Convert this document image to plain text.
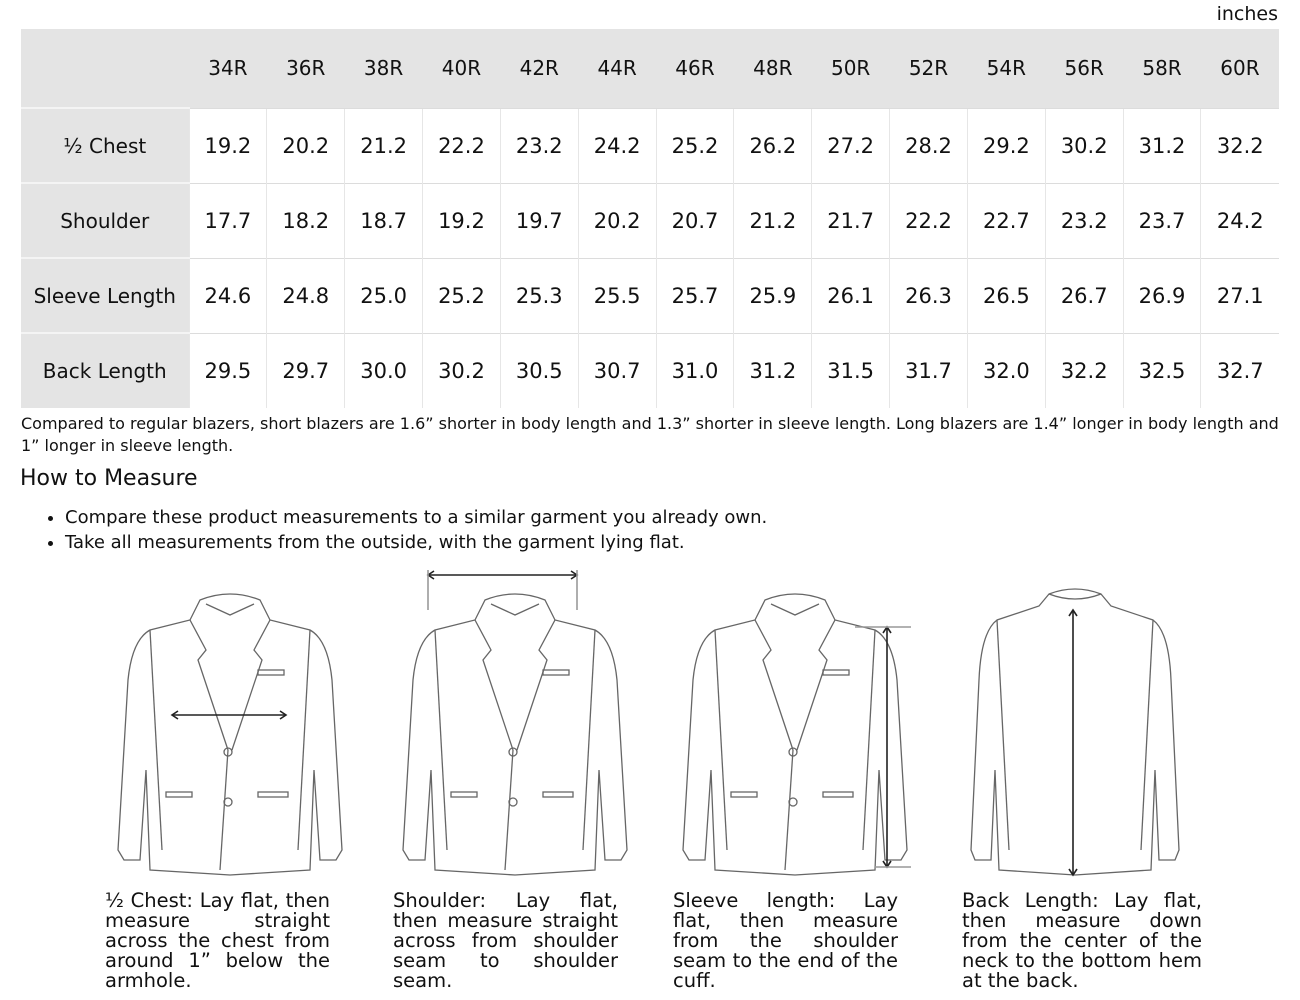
inches
	34R	36R	38R	40R	42R	44R	46R	48R	50R	52R	54R	56R	58R	60R
½ Chest	19.2	20.2	21.2	22.2	23.2	24.2	25.2	26.2	27.2	28.2	29.2	30.2	31.2	32.2
Shoulder	17.7	18.2	18.7	19.2	19.7	20.2	20.7	21.2	21.7	22.2	22.7	23.2	23.7	24.2
Sleeve Length	24.6	24.8	25.0	25.2	25.3	25.5	25.7	25.9	26.1	26.3	26.5	26.7	26.9	27.1
Back Length	29.5	29.7	30.0	30.2	30.5	30.7	31.0	31.2	31.5	31.7	32.0	32.2	32.5	32.7
Compared to regular blazers, short blazers are 1.6” shorter in body length and 1.3” shorter in sleeve length. Long blazers are 1.4” longer in body length and 1” longer in sleeve length.
How to Measure
• Compare these product measurements to a similar garment you already own.
• Take all measurements from the outside, with the garment lying flat.
½ Chest: Lay flat, then measure straight across the chest from around 1” below the armhole.
Shoulder: Lay flat, then measure straight across from shoulder seam to shoulder seam.
Sleeve length: Lay flat, then measure from the shoulder seam to the end of the cuff.
Back Length: Lay flat, then measure down from the center of the neck to the bottom hem at the back.
